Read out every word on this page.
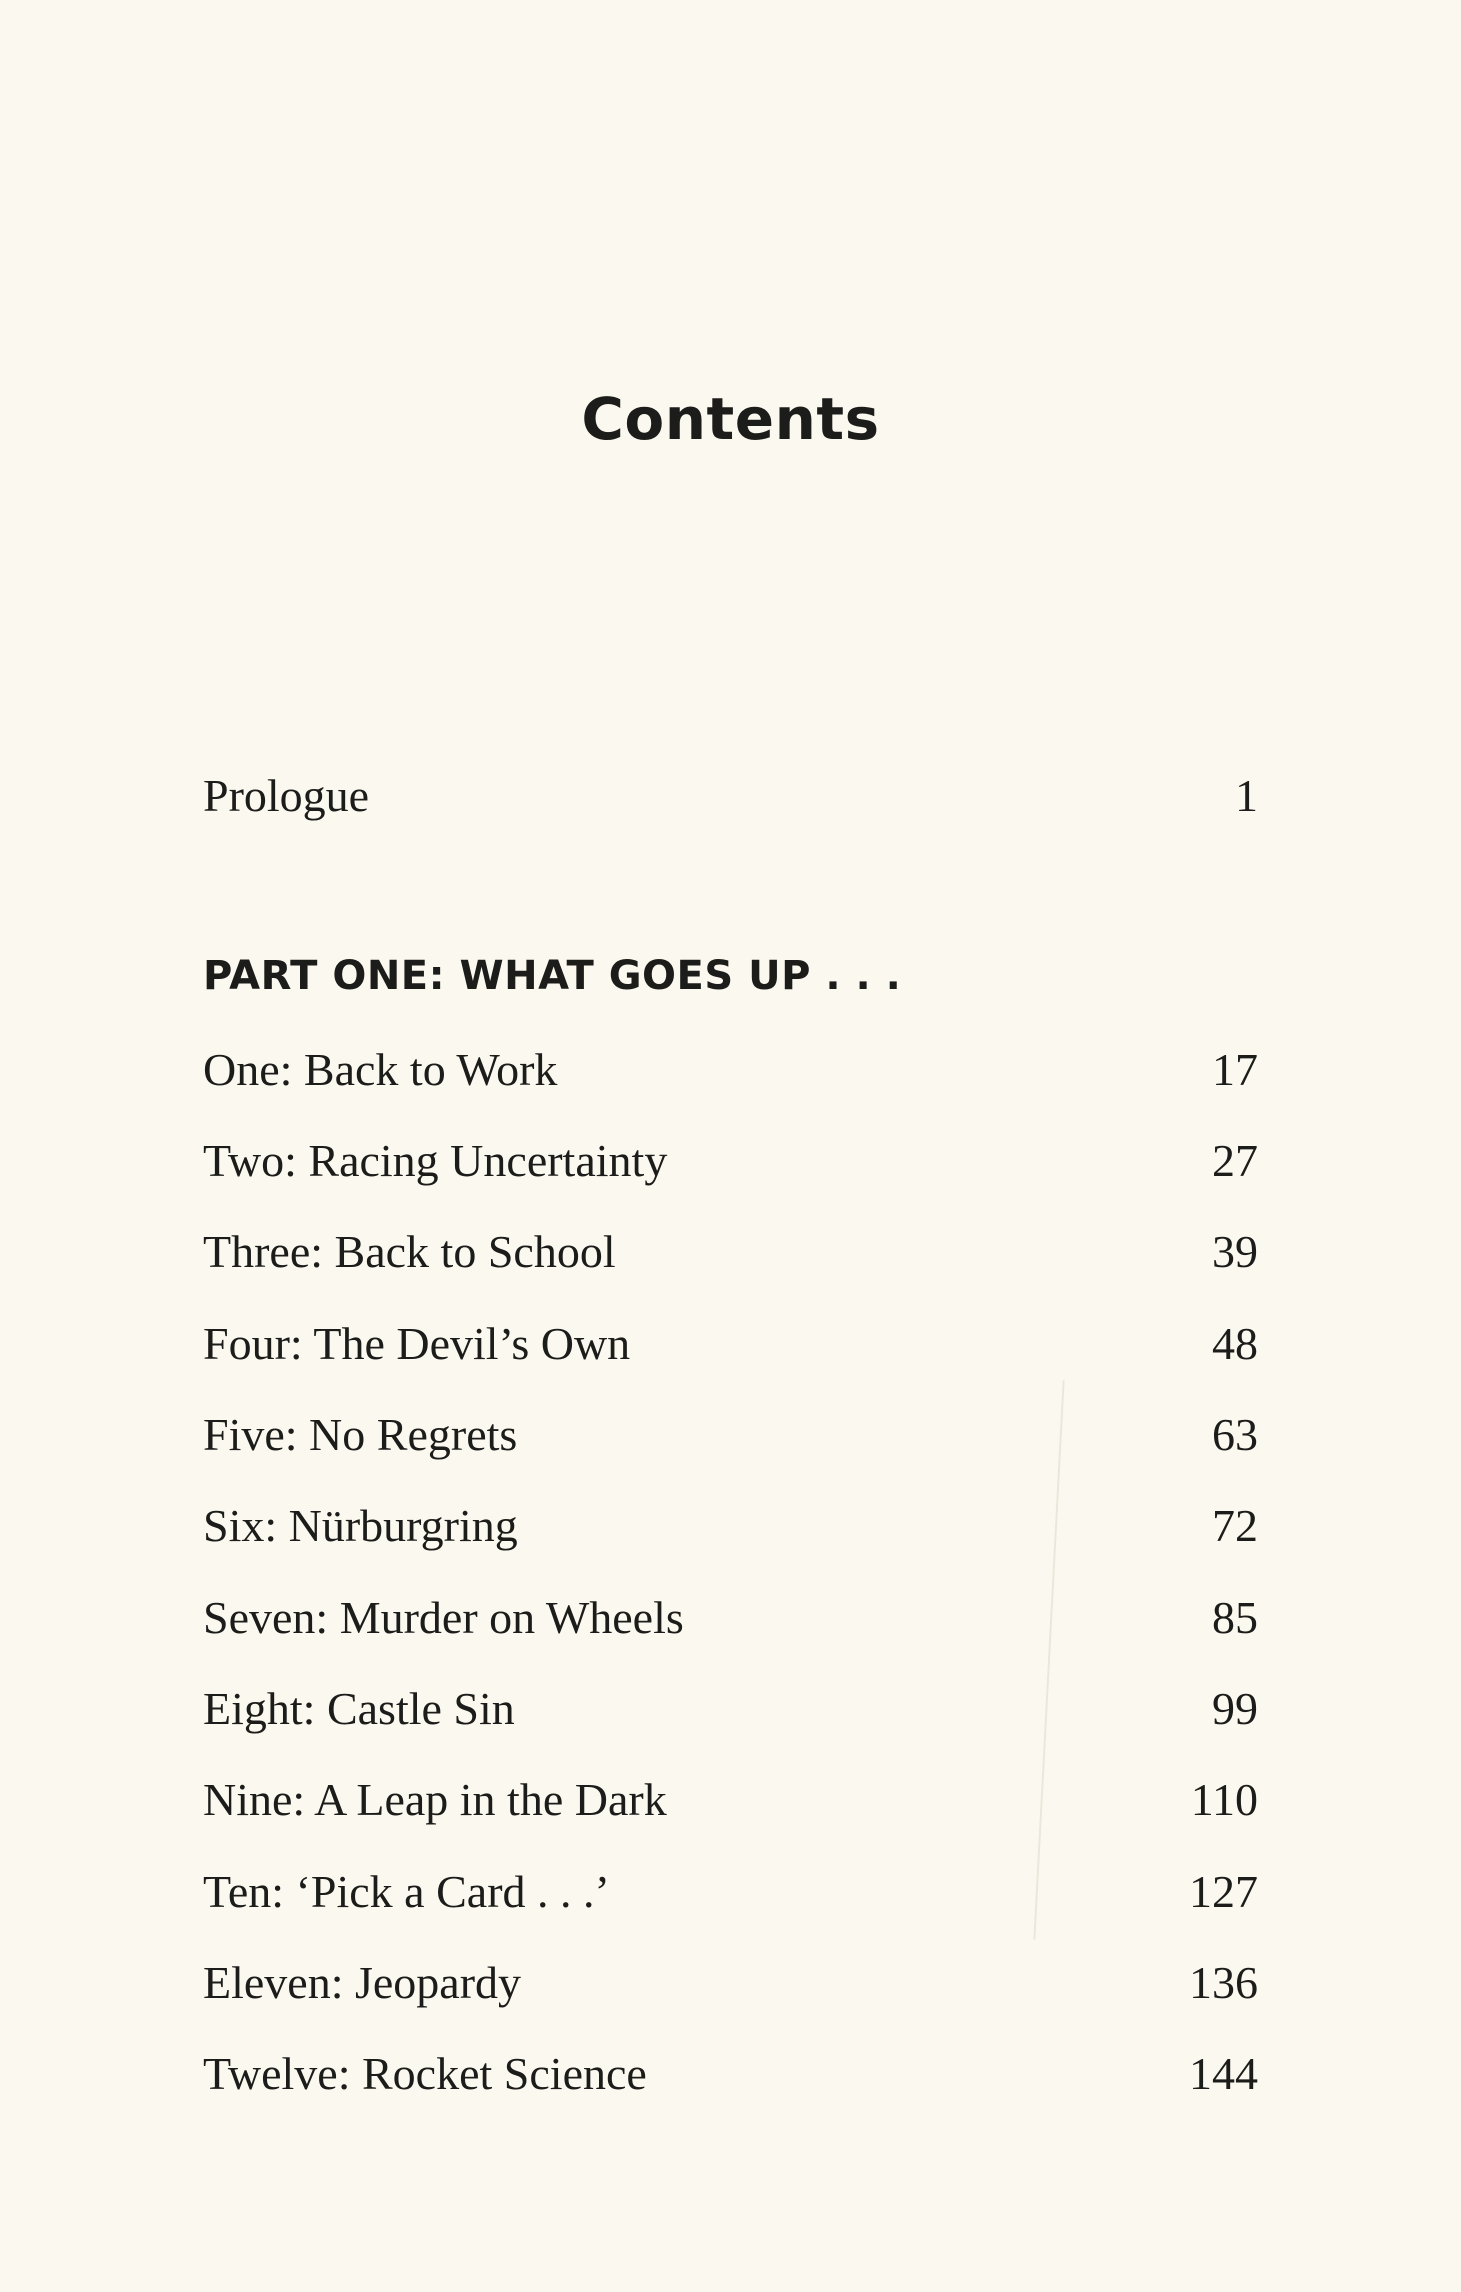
Contents
Prologue	1
PART ONE: WHAT GOES UP . . .
One: Back to Work	17
Two: Racing Uncertainty	27
Three: Back to School	39
Four: The Devil’s Own	48
Five: No Regrets	63
Six: Nürburgring	72
Seven: Murder on Wheels	85
Eight: Castle Sin	99
Nine: A Leap in the Dark	110
Ten: ‘Pick a Card . . .’	127
Eleven: Jeopardy	136
Twelve: Rocket Science	144
